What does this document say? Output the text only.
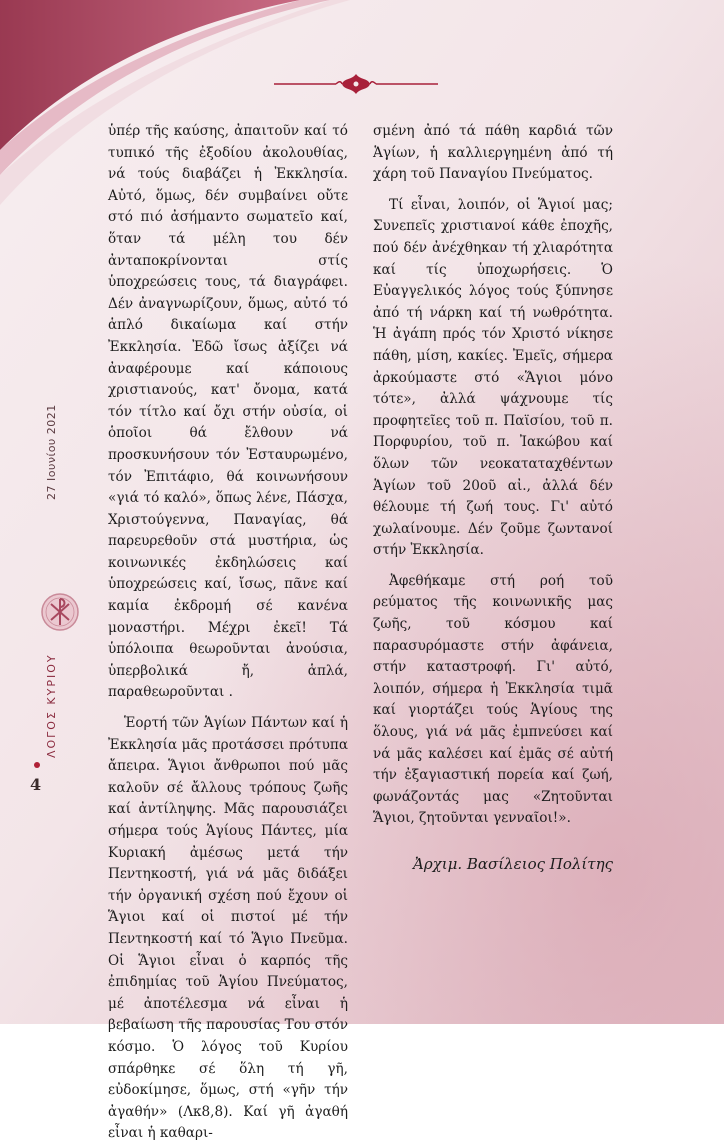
27 Ιουνίου 2021
ΛΟΓΟΣ ΚΥΡΙΟΥ
4

ὑπέρ τῆς καύσης, ἀπαιτοῦν καί τό τυπικό τῆς ἐξοδίου ἀκολουθίας, νά τούς διαβάζει ἡ Ἐκκλησία. Αὐτό, ὅμως, δέν συμβαίνει οὔτε στό πιό ἀσήμαντο σωματεῖο καί, ὅταν τά μέλη του δέν ἀνταποκρίνονται στίς ὑποχρεώσεις τους, τά διαγράφει. Δέν ἀναγνωρίζουν, ὅμως, αὐτό τό ἁπλό δικαίωμα καί στήν Ἐκκλησία. Ἐδῶ ἴσως ἀξίζει νά ἀναφέρουμε καί κάποιους χριστιανούς, κατ' ὄνομα, κατά τόν τίτλο καί ὄχι στήν οὐσία, οἱ ὁποῖοι θά ἔλθουν νά προσκυνήσουν τόν Ἐσταυρωμένο, τόν Ἐπιτάφιο, θά κοινωνήσουν «γιά τό καλό», ὅπως λένε, Πάσχα, Χριστούγεννα, Παναγίας, θά παρευρεθοῦν στά μυστήρια, ὡς κοινωνικές ἐκδηλώσεις καί ὑποχρεώσεις καί, ἴσως, πᾶνε καί καμία ἐκδρομή σέ κανένα μοναστήρι. Μέχρι ἐκεῖ! Τά ὑπόλοιπα θεωροῦνται ἀνούσια, ὑπερβολικά ἤ, ἁπλά, παραθεωροῦνται .

Ἑορτή τῶν Ἁγίων Πάντων καί ἡ Ἐκκλησία μᾶς προτάσσει πρότυπα ἄπειρα. Ἅγιοι ἄνθρωποι πού μᾶς καλοῦν σέ ἄλλους τρόπους ζωῆς καί ἀντίληψης. Μᾶς παρουσιάζει σήμερα τούς Ἁγίους Πάντες, μία Κυριακή ἀμέσως μετά τήν Πεντηκοστή, γιά νά μᾶς διδάξει τήν ὀργανική σχέση πού ἔχουν οἱ Ἅγιοι καί οἱ πιστοί μέ τήν Πεντηκοστή καί τό Ἅγιο Πνεῦμα. Οἱ Ἅγιοι εἶναι ὁ καρπός τῆς ἐπιδημίας τοῦ Ἁγίου Πνεύματος, μέ ἀποτέλεσμα νά εἶναι ἡ βεβαίωση τῆς παρουσίας Του στόν κόσμο. Ὁ λόγος τοῦ Κυρίου σπάρθηκε σέ ὅλη τή γῆ, εὐδοκίμησε, ὅμως, στή «γῆν τήν ἀγαθήν» (Λκ8,8). Καί γῆ ἀγαθή εἶναι ἡ καθαρι-

σμένη ἀπό τά πάθη καρδιά τῶν Ἁγίων, ἡ καλλιεργημένη ἀπό τή χάρη τοῦ Παναγίου Πνεύματος.

Τί εἶναι, λοιπόν, οἱ Ἅγιοί μας; Συνεπεῖς χριστιανοί κάθε ἐποχῆς, πού δέν ἀνέχθηκαν τή χλιαρότητα καί τίς ὑποχωρήσεις. Ὁ Εὐαγγελικός λόγος τούς ξύπνησε ἀπό τή νάρκη καί τή νωθρότητα. Ἡ ἀγάπη πρός τόν Χριστό νίκησε πάθη, μίση, κακίες. Ἐμεῖς, σήμερα ἀρκούμαστε στό «Ἅγιοι μόνο τότε», ἀλλά ψάχνουμε τίς προφητεῖες τοῦ π. Παϊσίου, τοῦ π. Πορφυρίου, τοῦ π. Ἰακώβου καί ὅλων τῶν νεοκαταταχθέντων Ἁγίων τοῦ 20οῦ αἰ., ἀλλά δέν θέλουμε τή ζωή τους. Γι' αὐτό χωλαίνουμε. Δέν ζοῦμε ζωντανοί στήν Ἐκκλησία.

Ἀφεθήκαμε στή ροή τοῦ ρεύματος τῆς κοινωνικῆς μας ζωῆς, τοῦ κόσμου καί παρασυρόμαστε στήν ἀφάνεια, στήν καταστροφή. Γι' αὐτό, λοιπόν, σήμερα ἡ Ἐκκλησία τιμᾶ καί γιορτάζει τούς Ἁγίους της ὅλους, γιά νά μᾶς ἐμπνεύσει καί νά μᾶς καλέσει καί ἐμᾶς σέ αὐτή τήν ἐξαγιαστική πορεία καί ζωή, φωνάζοντάς μας «Ζητοῦνται Ἅγιοι, ζητοῦνται γενναῖοι!».

Ἀρχιμ. Βασίλειος Πολίτης
